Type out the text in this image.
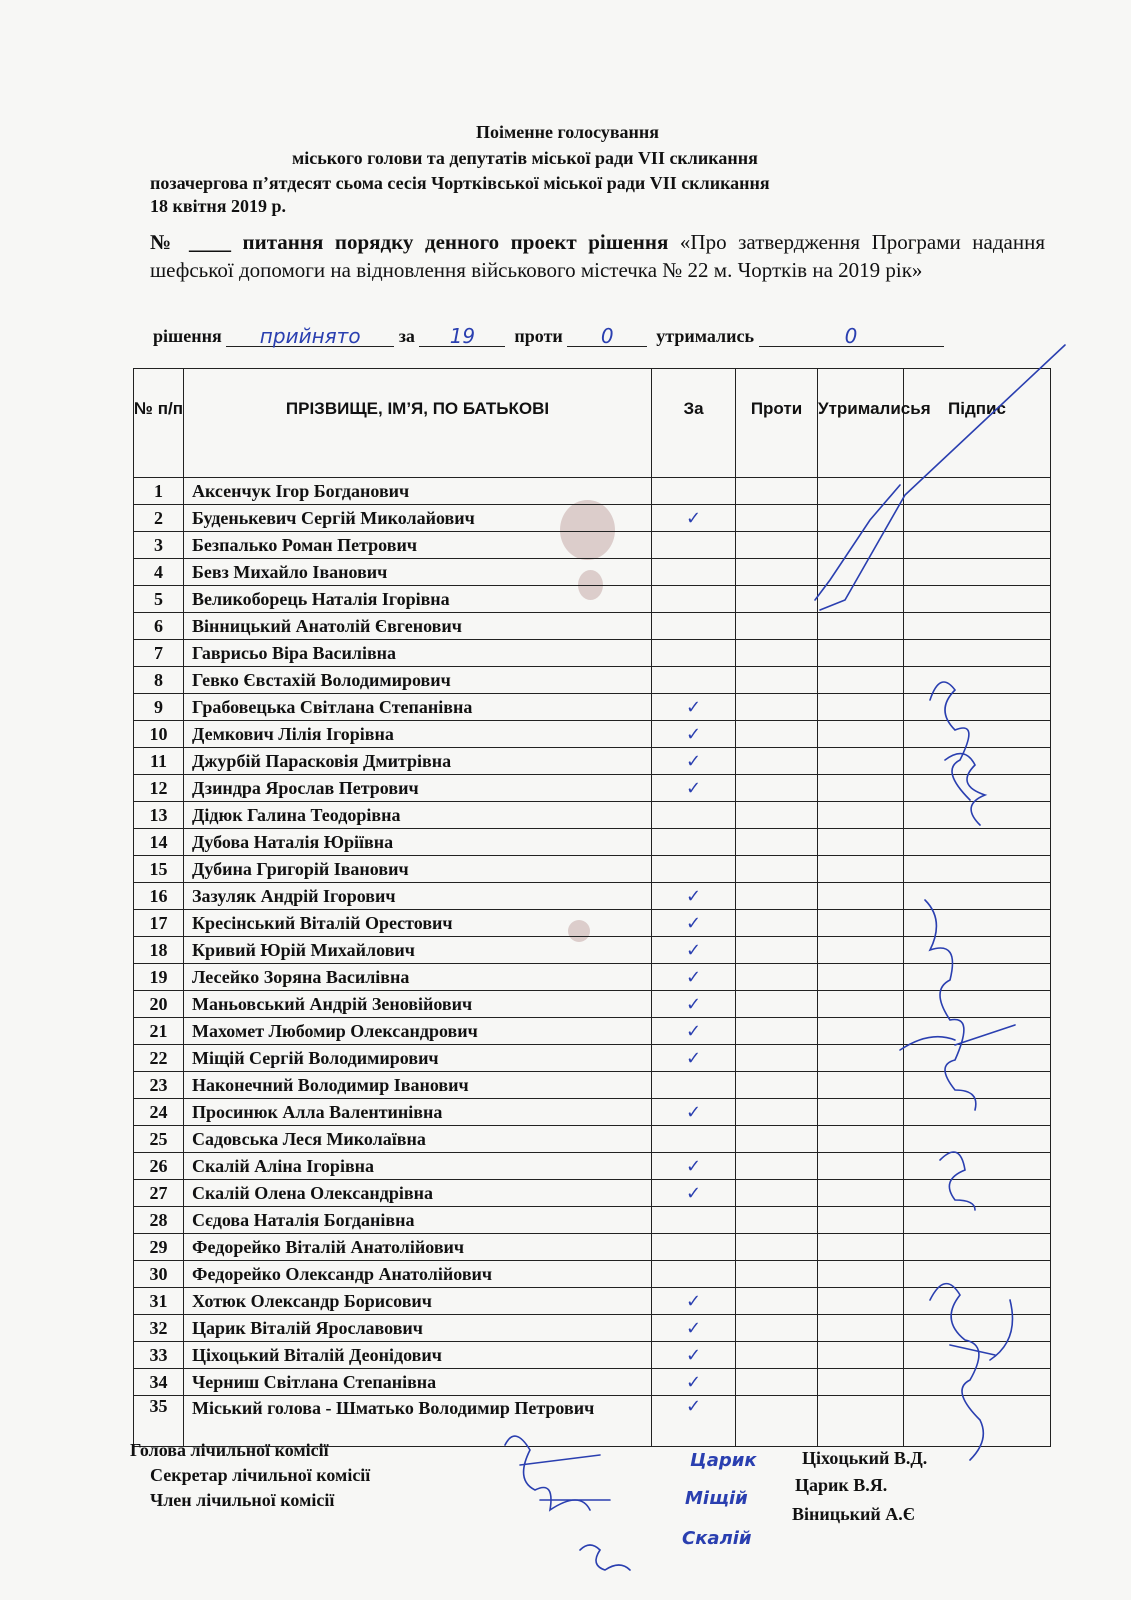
Поіменне голосування
міського голови та депутатів міської ради VІІ скликання
позачергова п’ятдесят сьома сесія Чортківської міської ради VІІ скликання
18 квітня 2019 р.
№ ____ питання порядку денного проект рішення «Про затвердження Програми надання шефської допомоги на відновлення військового містечка № 22 м. Чортків на 2019 рік»
рішення прийнято за 19 проти 0 утримались	0
№ п/п	ПРІЗВИЩЕ, ІМ’Я, ПО БАТЬКОВІ	За	Проти	Утрималисья	Підпис
1	Аксенчук Ігор Богданович				
2	Буденькевич Сергій Миколайович	✓			
3	Безпалько Роман Петрович				
4	Бевз Михайло Іванович				
5	Великоборець Наталія Ігорівна				
6	Вінницький Анатолій Євгенович				
7	Гаврисьо Віра Василівна				
8	Гевко Євстахій Володимирович				
9	Грабовецька Світлана Степанівна	✓			
10	Демкович Лілія Ігорівна	✓			
11	Джурбій Парасковія Дмитрівна	✓			
12	Дзиндра Ярослав Петрович	✓			
13	Дідюк Галина Теодорівна				
14	Дубова Наталія Юріївна				
15	Дубина Григорій Іванович				
16	Зазуляк Андрій Ігорович	✓			
17	Кресінський Віталій Орестович	✓			
18	Кривий Юрій Михайлович	✓			
19	Лесейко Зоряна Василівна	✓			
20	Маньовський Андрій Зеновійович	✓			
21	Махомет Любомир Олександрович	✓			
22	Міщій Сергій Володимирович	✓			
23	Наконечний Володимир Іванович				
24	Просинюк Алла Валентинівна	✓			
25	Садовська Леся Миколаївна				
26	Скалій Аліна Ігорівна	✓			
27	Скалій Олена Олександрівна	✓			
28	Сєдова Наталія Богданівна				
29	Федорейко Віталій Анатолійович				
30	Федорейко Олександр Анатолійович				
31	Хотюк Олександр Борисович	✓			
32	Царик Віталій Ярославович	✓			
33	Ціхоцький Віталій Деонідович	✓			
34	Черниш Світлана Степанівна	✓			
35	Міський голова - Шматько Володимир Петрович	✓			
Голова лічильної комісії
Секретар лічильної комісії
Член лічильної комісії
Ціхоцький В.Д.
Царик В.Я.
Віницький А.Є
Царик
Міщій
Скалій
